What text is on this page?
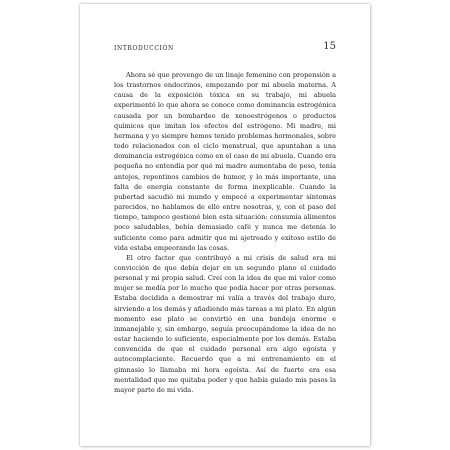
INTRODUCCIÓN	15

Ahora sé que provengo de un linaje femenino con propensión a los trastornos endocrinos, empezando por mi abuela materna. A causa de la exposición tóxica en su trabajo, mi abuela experimentó lo que ahora se conoce como dominancia estrogénica causada por un bombardeo de xenoestrógenos o productos químicos que imitan los efectos del estrógeno. Mi madre, mi hermana y yo siempre hemos tenido problemas hormonales, sobre todo relacionados con el ciclo menstrual, que apuntaban a una dominancia estrogénica como en el caso de mi abuela. Cuando era pequeña no entendía por qué mi madre aumentaba de peso, tenía antojos, repentinos cambios de humor, y lo más importante, una falta de energía constante de forma inexplicable. Cuando la pubertad sacudió mi mundo y empecé a experimentar síntomas parecidos, no hablamos de ello entre nosotras, y, con el paso del tiempo, tampoco gestioné bien esta situación: consumía alimentos poco saludables, bebía demasiado café y nunca me detenía lo suficiente como para admitir que mi ajetreado y exitoso estilo de vida estaba empeorando las cosas.

El otro factor que contribuyó a mi crisis de salud era mi convicción de que debía dejar en un segundo plano el cuidado personal y mi propia salud. Creí con la idea de que mi valor como mujer se medía por lo mucho que podía hacer por otras personas. Estaba decidida a demostrar mi valía a través del trabajo duro, sirviendo a los demás y añadiendo más tareas a mi plato. En algún momento ese plato se convirtió en una bandeja enorme e inmanejable y, sin embargo, seguía preocupándome la idea de no estar haciendo lo suficiente, especialmente por los demás. Estaba convencida de que el cuidado personal era algo egoísta y autocomplaciente. Recuerdo que a mi entrenamiento en el gimnasio lo llamaba mi hora egoísta. Así de fuerte era esa mentalidad que me quitaba poder y que había guiado mis pasos la mayor parte de mi vida.
